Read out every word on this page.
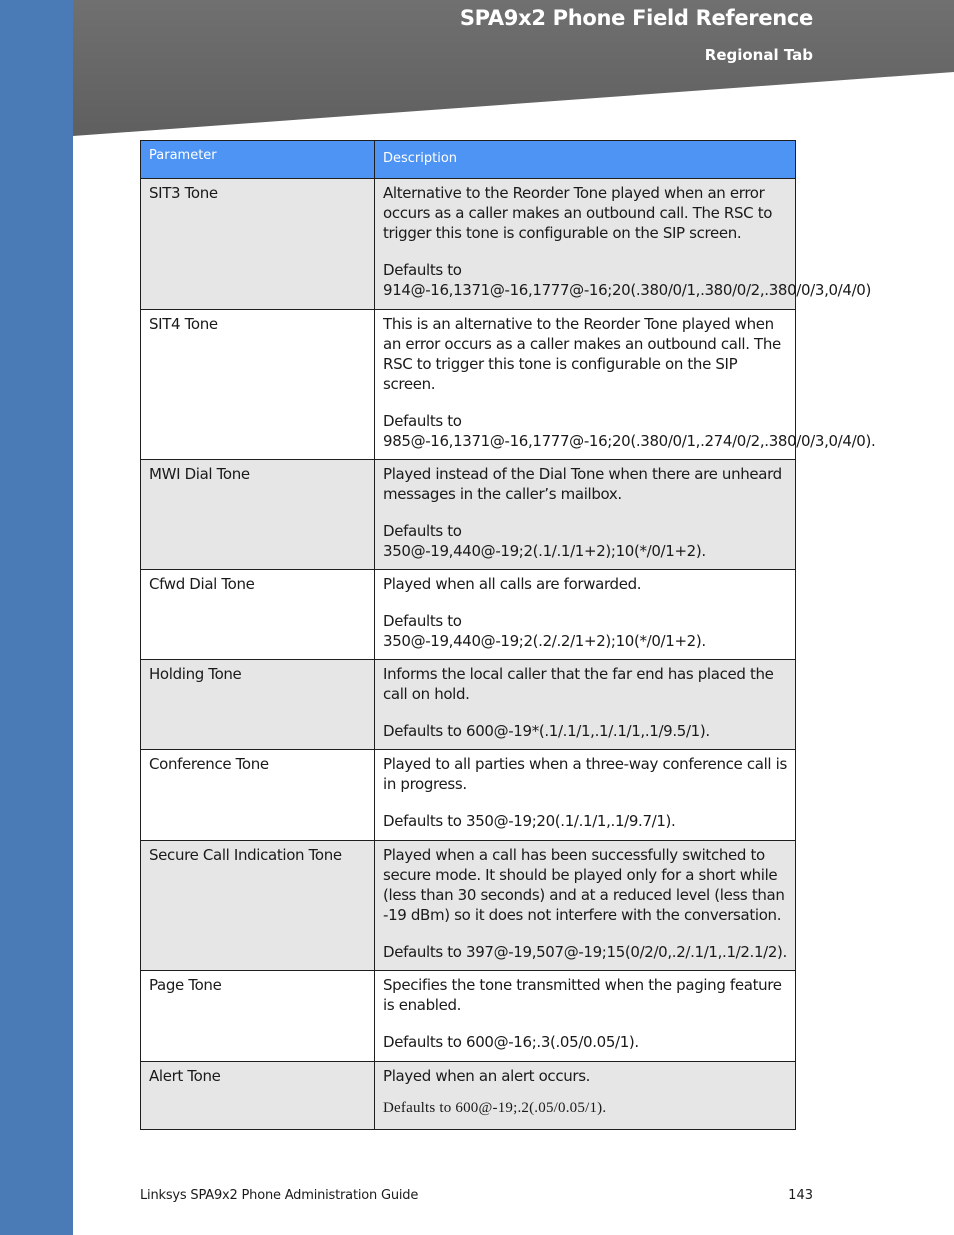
SPA9x2 Phone Field Reference
Regional Tab
Parameter	Description
SIT3 Tone	Alternative to the Reorder Tone played when an error occurs as a caller makes an outbound call. The RSC to trigger this tone is configurable on the SIP screen.

Defaults to 914@-16,1371@-16,1777@-16;20(.380/0/1,.380/0/2,.380/0/3,0/4/0)

SIT4 Tone	This is an alternative to the Reorder Tone played when an error occurs as a caller makes an outbound call. The RSC to trigger this tone is configurable on the SIP screen.

Defaults to 985@-16,1371@-16,1777@-16;20(.380/0/1,.274/0/2,.380/0/3,0/4/0).

MWI Dial Tone	Played instead of the Dial Tone when there are unheard messages in the caller’s mailbox.

Defaults to 350@-19,440@-19;2(.1/.1/1+2);10(*/0/1+2).

Cfwd Dial Tone	Played when all calls are forwarded.

Defaults to 350@-19,440@-19;2(.2/.2/1+2);10(*/0/1+2).

Holding Tone	Informs the local caller that the far end has placed the call on hold.

Defaults to 600@-19*(.1/.1/1,.1/.1/1,.1/9.5/1).

Conference Tone	Played to all parties when a three-way conference call is in progress.

Defaults to 350@-19;20(.1/.1/1,.1/9.7/1).

Secure Call Indication Tone	Played when a call has been successfully switched to secure mode. It should be played only for a short while (less than 30 seconds) and at a reduced level (less than -19 dBm) so it does not interfere with the conversation.

Defaults to 397@-19,507@-19;15(0/2/0,.2/.1/1,.1/2.1/2).

Page Tone	Specifies the tone transmitted when the paging feature is enabled.

Defaults to 600@-16;.3(.05/0.05/1).

Alert Tone	Played when an alert occurs.

Defaults to 600@-19;.2(.05/0.05/1).

Linksys SPA9x2 Phone Administration Guide	143
